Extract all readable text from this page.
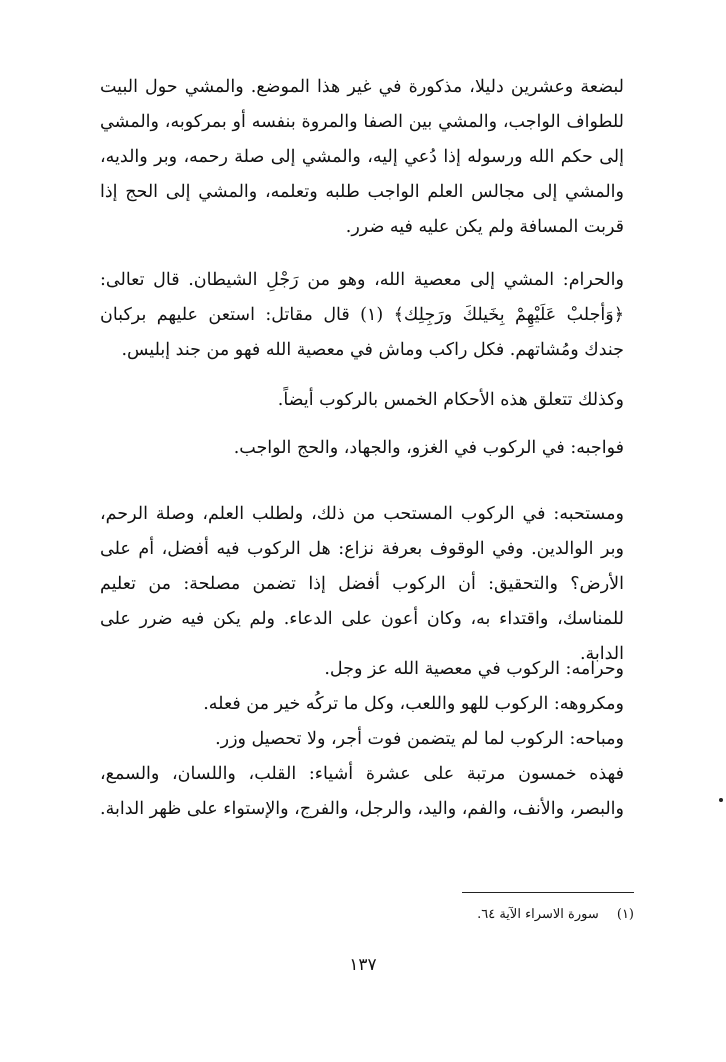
لبضعة وعشرين دليلا، مذكورة في غير هذا الموضع. والمشي حول البيت للطواف الواجب، والمشي بين الصفا والمروة بنفسه أو بمركوبه، والمشي إلى حكم الله ورسوله إذا دُعي إليه، والمشي إلى صلة رحمه، وبر والديه، والمشي إلى مجالس العلم الواجب طلبه وتعلمه، والمشي إلى الحج إذا قربت المسافة ولم يكن عليه فيه ضرر.
والحرام: المشي إلى معصية الله، وهو من رَجْلِ الشيطان. قال تعالى: ﴿وَأجلبْ عَلَيْهِمْ بِخَيلكَ ورَجِلِك﴾ (١) قال مقاتل: استعن عليهم بركبان جندك ومُشاتهم. فكل راكب وماش في معصية الله فهو من جند إبليس.
وكذلك تتعلق هذه الأحكام الخمس بالركوب أيضاً.
فواجبه: في الركوب في الغزو، والجهاد، والحج الواجب.
ومستحبه: في الركوب المستحب من ذلك، ولطلب العلم، وصلة الرحم، وبر الوالدين. وفي الوقوف بعرفة نزاع: هل الركوب فيه أفضل، أم على الأرض؟ والتحقيق: أن الركوب أفضل إذا تضمن مصلحة: من تعليم للمناسك، واقتداء به، وكان أعون على الدعاء. ولم يكن فيه ضرر على الدابة.
وحرامه: الركوب في معصية الله عز وجل.
ومكروهه: الركوب للهو واللعب، وكل ما تركُه خير من فعله.
ومباحه: الركوب لما لم يتضمن فوت أجر، ولا تحصيل وزر.
فهذه خمسون مرتبة على عشرة أشياء: القلب، واللسان، والسمع، والبصر، والأنف، والفم، واليد، والرجل، والفرج، والإستواء على ظهر الدابة.
(١) سورة الاسراء الآية ٦٤.
١٣٧
